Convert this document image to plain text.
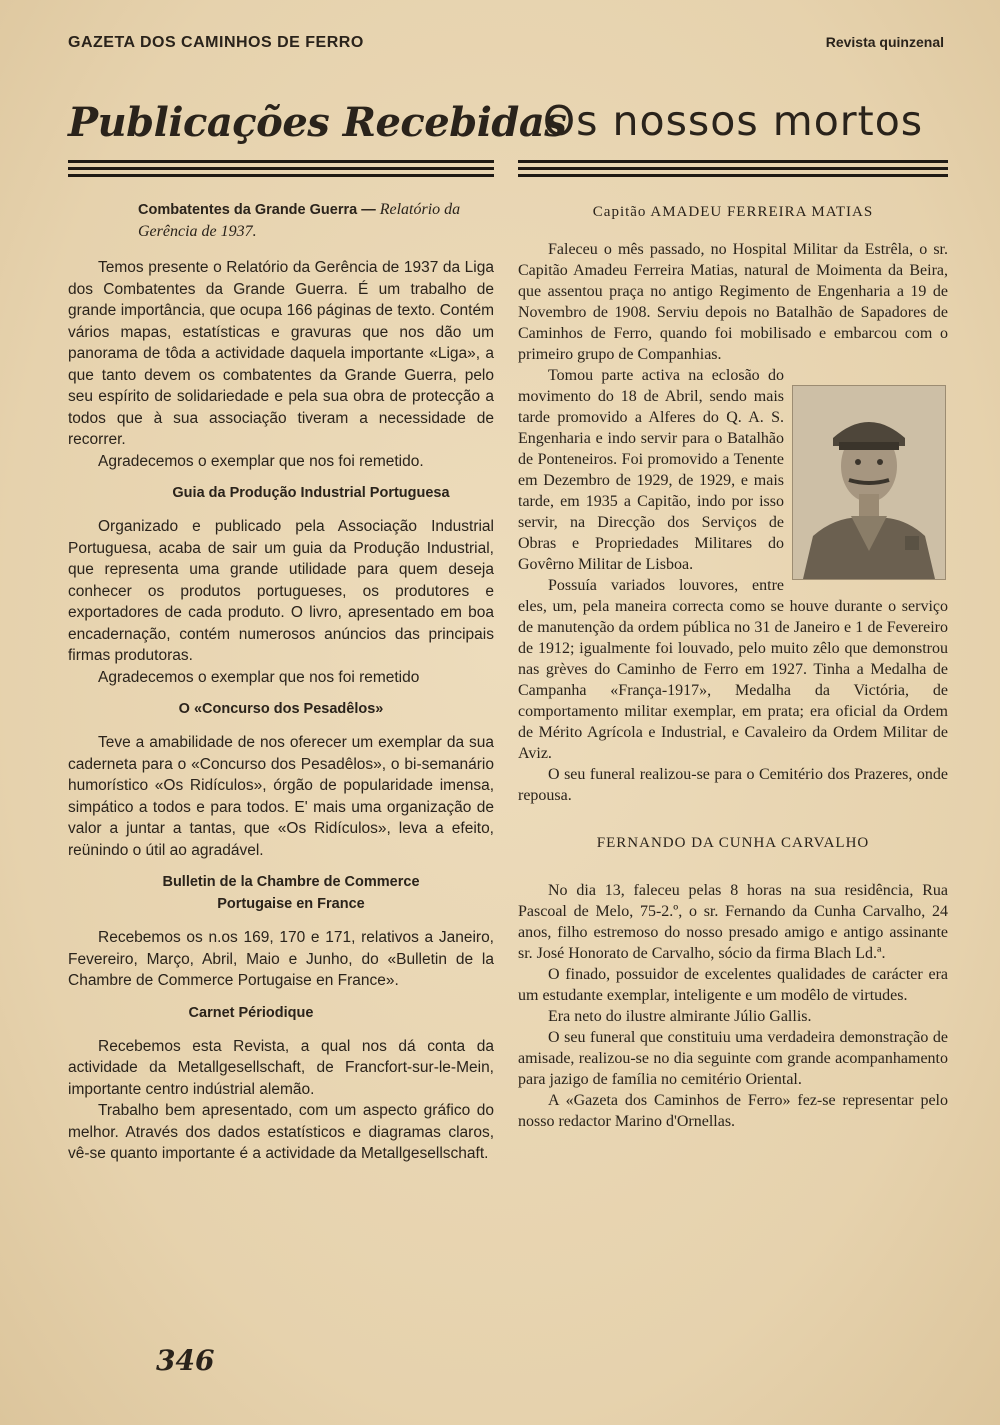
GAZETA DOS CAMINHOS DE FERRO	Revista quinzenal
Publicações Recebidas
Combatentes da Grande Guerra — Relatório da Gerência de 1937.

Temos presente o Relatório da Gerência de 1937 da Liga dos Combatentes da Grande Guerra. É um trabalho de grande importância, que ocupa 166 páginas de texto. Contém vários mapas, estatísticas e gravuras que nos dão um panorama de tôda a actividade daquela importante «Liga», a que tanto devem os combatentes da Grande Guerra, pelo seu espírito de solidariedade e pela sua obra de protecção a todos que à sua associação tiveram a necessidade de recorrer.

Agradecemos o exemplar que nos foi remetido.

Guia da Produção Industrial Portuguesa

Organizado e publicado pela Associação Industrial Portuguesa, acaba de sair um guia da Produção Industrial, que representa uma grande utilidade para quem deseja conhecer os produtos portugueses, os produtores e exportadores de cada produto. O livro, apresentado em boa encadernação, contém numerosos anúncios das principais firmas produtoras.

Agradecemos o exemplar que nos foi remetido

O «Concurso dos Pesadêlos»

Teve a amabilidade de nos oferecer um exemplar da sua caderneta para o «Concurso dos Pesadêlos», o bi-semanário humorístico «Os Ridículos», órgão de popularidade imensa, simpático a todos e para todos. E' mais uma organização de valor a juntar a tantas, que «Os Ridículos», leva a efeito, reünindo o útil ao agradável.

Bulletin de la Chambre de Commerce Portugaise en France

Recebemos os n.os 169, 170 e 171, relativos a Janeiro, Fevereiro, Março, Abril, Maio e Junho, do «Bulletin de la Chambre de Commerce Portugaise en France».

Carnet Périodique

Recebemos esta Revista, a qual nos dá conta da actividade da Metallgesellschaft, de Francfort-sur-le-Mein, importante centro indústrial alemão.

Trabalho bem apresentado, com um aspecto gráfico do melhor. Através dos dados estatísticos e diagramas claros, vê-se quanto importante é a actividade da Metallgesellschaft.

Os nossos mortos
Capitão AMADEU FERREIRA MATIAS

Faleceu o mês passado, no Hospital Militar da Estrêla, o sr. Capitão Amadeu Ferreira Matias, natural de Moimenta da Beira, que assentou praça no antigo Regimento de Engenharia a 19 de Novembro de 1908. Serviu depois no Batalhão de Sapadores de Caminhos de Ferro, quando foi mobilisado e embarcou com o primeiro grupo de Companhias.

Tomou parte activa na eclosão do movimento do 18 de Abril, sendo mais tarde promovido a Alferes do Q. A. S. Engenharia e indo servir para o Batalhão de Ponteneiros. Foi promovido a Tenente em Dezembro de 1929, de 1929, e mais tarde, em 1935 a Capitão, indo por isso servir, na Direcção dos Serviços de Obras e Propriedades Militares do Govêrno Militar de Lisboa.

Possuía variados louvores, entre eles, um, pela maneira correcta como se houve durante o serviço de manutenção da ordem pública no 31 de Janeiro e 1 de Fevereiro de 1912; igualmente foi louvado, pelo muito zêlo que demonstrou nas grèves do Caminho de Ferro em 1927. Tinha a Medalha de Campanha «França-1917», Medalha da Victória, de comportamento militar exemplar, em prata; era oficial da Ordem de Mérito Agrícola e Industrial, e Cavaleiro da Ordem Militar de Aviz.

O seu funeral realizou-se para o Cemitério dos Prazeres, onde repousa.

FERNANDO DA CUNHA CARVALHO

No dia 13, faleceu pelas 8 horas na sua residência, Rua Pascoal de Melo, 75-2.º, o sr. Fernando da Cunha Carvalho, 24 anos, filho estremoso do nosso presado amigo e antigo assinante sr. José Honorato de Carvalho, sócio da firma Blach Ld.ª.

O finado, possuidor de excelentes qualidades de carácter era um estudante exemplar, inteligente e um modêlo de virtudes.

Era neto do ilustre almirante Júlio Gallis.

O seu funeral que constituiu uma verdadeira demonstração de amisade, realizou-se no dia seguinte com grande acompanhamento para jazigo de família no cemitério Oriental.

A «Gazeta dos Caminhos de Ferro» fez-se representar pelo nosso redactor Marino d'Ornellas.

346
